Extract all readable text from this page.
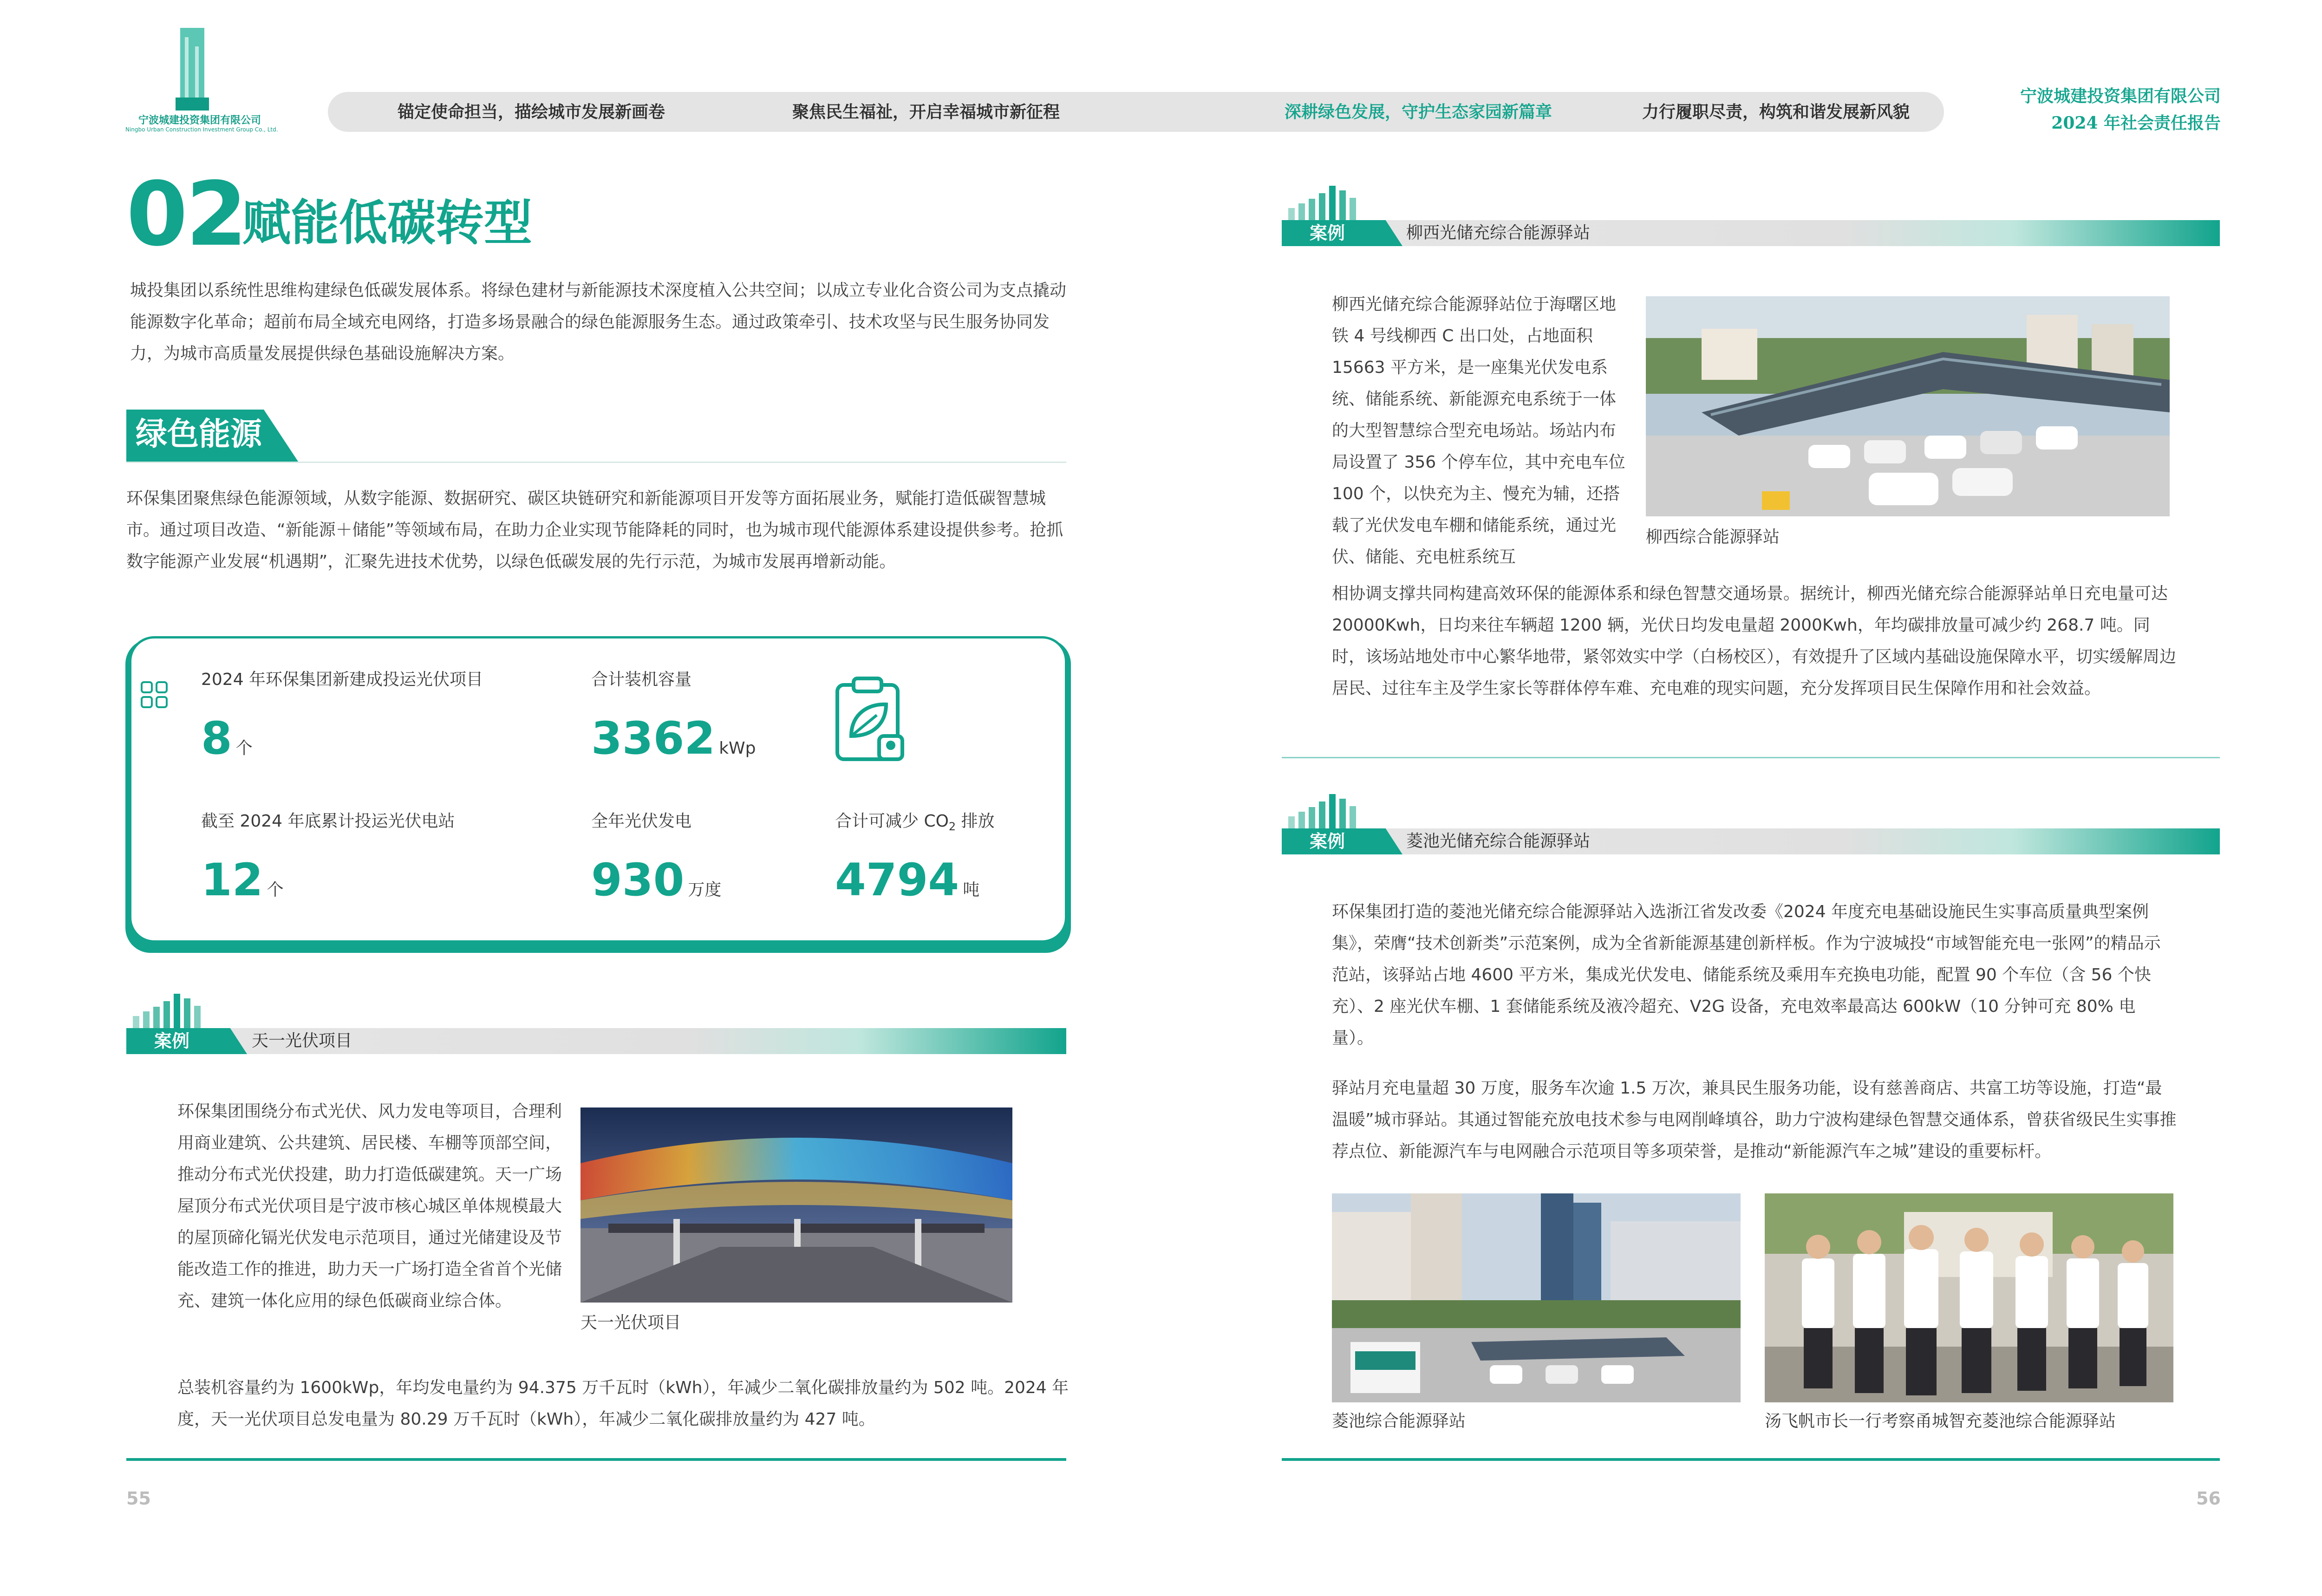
NBCT
宁波城建投资集团有限公司
Ningbo Urban Construction Investment Group Co., Ltd.
锚定使命担当，描绘城市发展新画卷	聚焦民生福祉，开启幸福城市新征程	深耕绿色发展，守护生态家园新篇章	力行履职尽责，构筑和谐发展新风貌
宁波城建投资集团有限公司
2024 年社会责任报告
02
赋能低碳转型
城投集团以系统性思维构建绿色低碳发展体系。将绿色建材与新能源技术深度植入公共空间；以成立专业化合资公司为支点撬动能源数字化革命；超前布局全域充电网络，打造多场景融合的绿色能源服务生态。通过政策牵引、技术攻坚与民生服务协同发力，为城市高质量发展提供绿色基础设施解决方案。
绿色能源
环保集团聚焦绿色能源领域，从数字能源、数据研究、碳区块链研究和新能源项目开发等方面拓展业务，赋能打造低碳智慧城市。通过项目改造、“新能源＋储能”等领域布局，在助力企业实现节能降耗的同时，也为城市现代能源体系建设提供参考。抢抓数字能源产业发展“机遇期”，汇聚先进技术优势，以绿色低碳发展的先行示范，为城市发展再增新动能。
2024 年环保集团新建成投运光伏项目
8 个
合计装机容量
3362 kWp
截至 2024 年底累计投运光伏电站
12 个
全年光伏发电
930 万度
合计可减少 $CO_2$ 排放
4794 吨
案例	天一光伏项目
环保集团围绕分布式光伏、风力发电等项目，合理利用商业建筑、公共建筑、居民楼、车棚等顶部空间，推动分布式光伏投建，助力打造低碳建筑。天一广场屋顶分布式光伏项目是宁波市核心城区单体规模最大的屋顶碲化镉光伏发电示范项目，通过光储建设及节能改造工作的推进，助力天一广场打造全省首个光储充、建筑一体化应用的绿色低碳商业综合体。
天一光伏项目
总装机容量约为 1600kWp，年均发电量约为 94.375 万千瓦时（kWh），年减少二氧化碳排放量约为 502 吨。2024 年度，天一光伏项目总发电量为 80.29 万千瓦时（kWh），年减少二氧化碳排放量约为 427 吨。
55
案例	柳西光储充综合能源驿站
柳西光储充综合能源驿站位于海曙区地铁 4 号线柳西 C 出口处，占地面积 15663 平方米，是一座集光伏发电系统、储能系统、新能源充电系统于一体的大型智慧综合型充电场站。场站内布局设置了 356 个停车位，其中充电车位 100 个，以快充为主、慢充为辅，还搭载了光伏发电车棚和储能系统，通过光伏、储能、充电桩系统互
柳西综合能源驿站
相协调支撑共同构建高效环保的能源体系和绿色智慧交通场景。据统计，柳西光储充综合能源驿站单日充电量可达 20000Kwh，日均来往车辆超 1200 辆，光伏日均发电量超 2000Kwh，年均碳排放量可减少约 268.7 吨。同时，该场站地处市中心繁华地带，紧邻效实中学（白杨校区），有效提升了区域内基础设施保障水平，切实缓解周边居民、过往车主及学生家长等群体停车难、充电难的现实问题，充分发挥项目民生保障作用和社会效益。
案例	菱池光储充综合能源驿站
环保集团打造的菱池光储充综合能源驿站入选浙江省发改委《2024 年度充电基础设施民生实事高质量典型案例集》，荣膺“技术创新类”示范案例，成为全省新能源基建创新样板。作为宁波城投“市域智能充电一张网”的精品示范站，该驿站占地 4600 平方米，集成光伏发电、储能系统及乘用车充换电功能，配置 90 个车位（含 56 个快充）、2 座光伏车棚、1 套储能系统及液冷超充、V2G 设备，充电效率最高达 600kW（10 分钟可充 80% 电量）。
驿站月充电量超 30 万度，服务车次逾 1.5 万次，兼具民生服务功能，设有慈善商店、共富工坊等设施，打造“最温暖”城市驿站。其通过智能充放电技术参与电网削峰填谷，助力宁波构建绿色智慧交通体系，曾获省级民生实事推荐点位、新能源汽车与电网融合示范项目等多项荣誉，是推动“新能源汽车之城”建设的重要标杆。
菱池综合能源驿站	汤飞帆市长一行考察甬城智充菱池综合能源驿站
56
